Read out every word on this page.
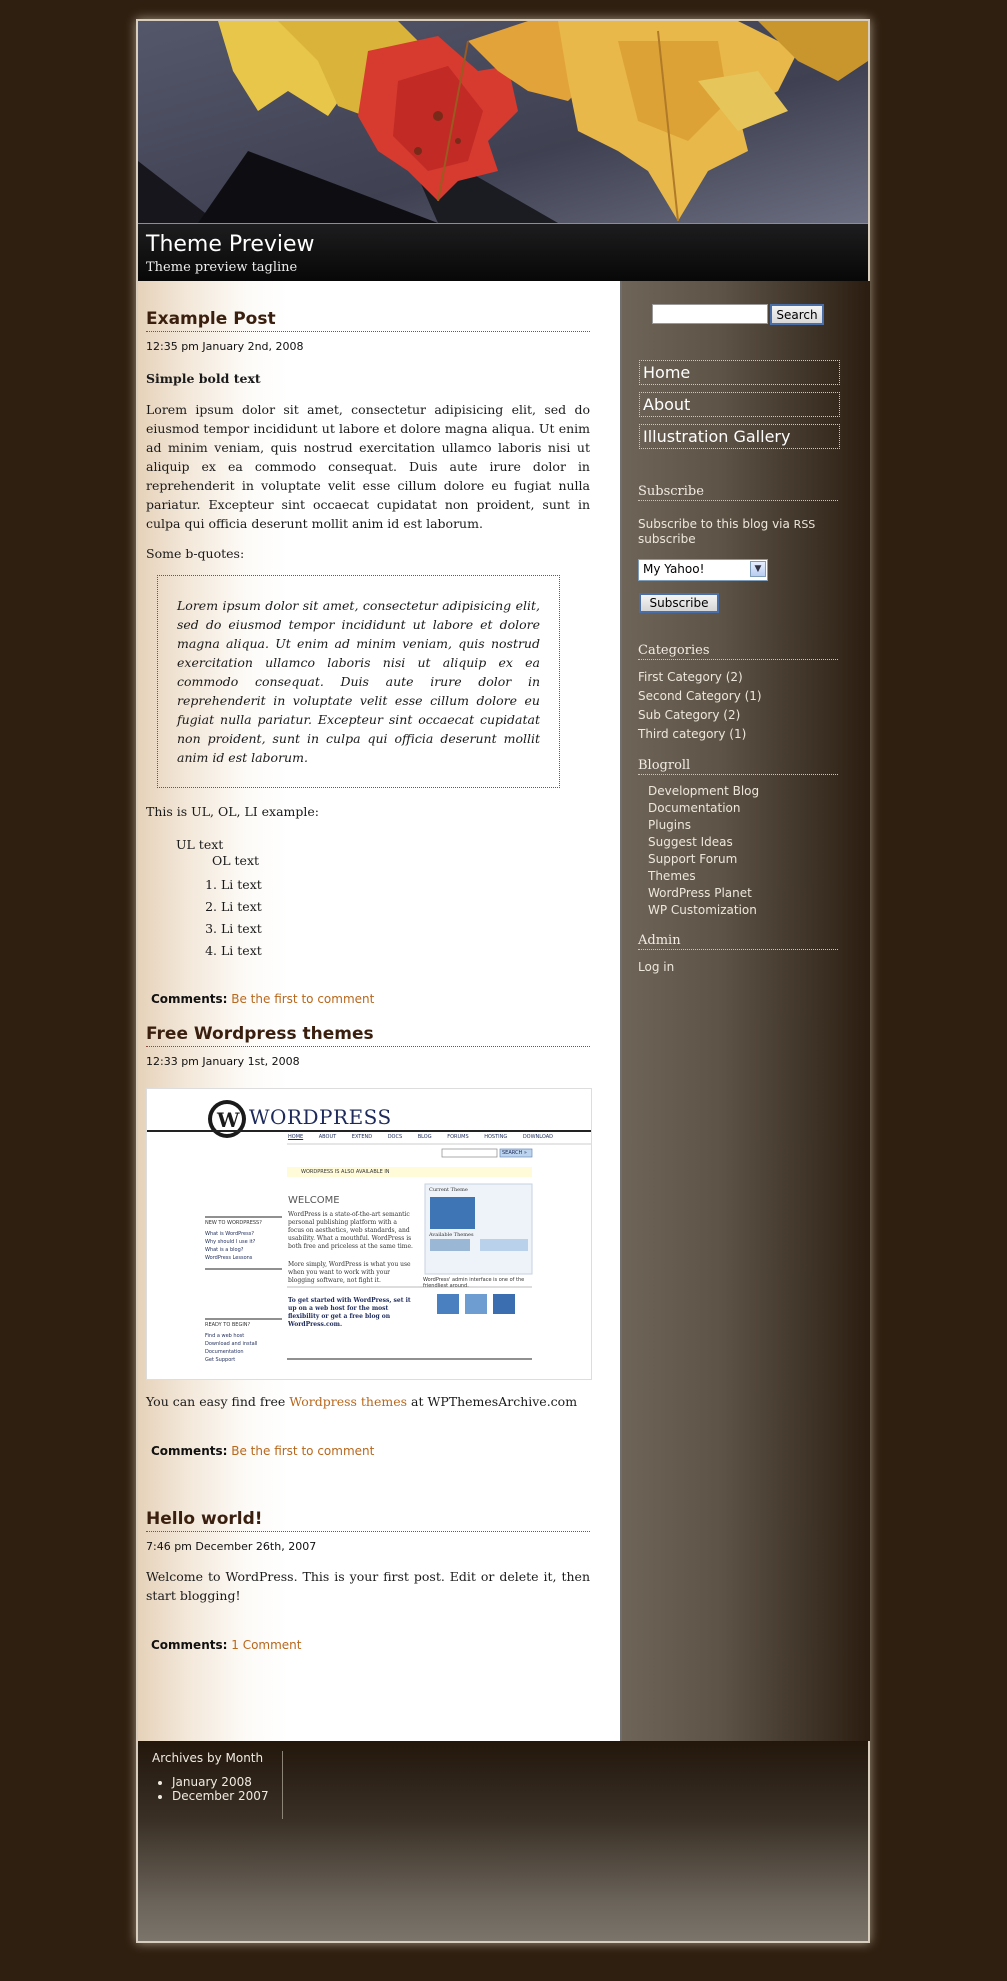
Theme Preview
Theme preview tagline
Example Post
12:35 pm January 2nd, 2008

Simple bold text

Lorem ipsum dolor sit amet, consectetur adipisicing elit, sed do eiusmod tempor incididunt ut labore et dolore magna aliqua. Ut enim ad minim veniam, quis nostrud exercitation ullamco laboris nisi ut aliquip ex ea commodo consequat. Duis aute irure dolor in reprehenderit in voluptate velit esse cillum dolore eu fugiat nulla pariatur. Excepteur sint occaecat cupidatat non proident, sunt in culpa qui officia deserunt mollit anim id est laborum.

Some b-quotes:

Lorem ipsum dolor sit amet, consectetur adipisicing elit, sed do eiusmod tempor incididunt ut labore et dolore magna aliqua. Ut enim ad minim veniam, quis nostrud exercitation ullamco laboris nisi ut aliquip ex ea commodo consequat. Duis aute irure dolor in reprehenderit in voluptate velit esse cillum dolore eu fugiat nulla pariatur. Excepteur sint occaecat cupidatat non proident, sunt in culpa qui officia deserunt mollit anim id est laborum.

This is UL, OL, LI example:

UL text
OL text
1. Li text
2. Li text
3. Li text
4. Li text
Comments: Be the first to comment
Free Wordpress themes
12:33 pm January 1st, 2008
W WORDPRESS
HOME	ABOUT	EXTEND	DOCS	BLOG	FORUMS	HOSTING	DOWNLOAD
SEARCH »
WORDPRESS IS ALSO AVAILABLE IN
WELCOME
WordPress is a state-of-the-art semantic personal publishing platform with a focus on aesthetics, web standards, and usability. What a mouthful. WordPress is both free and priceless at the same time.
More simply, WordPress is what you use when you want to work with your blogging software, not fight it.
To get started with WordPress, set it up on a web host for the most flexibility or get a free blog on WordPress.com.
NEW TO WORDPRESS?
What is WordPress?
Why should I use it?
What is a blog?
WordPress Lessons
READY TO BEGIN?
Find a web host
Download and install
Documentation
Get Support
Current Theme
Available Themes
WordPress' admin interface is one of the friendliest around.

You can easy find free Wordpress themes at WPThemesArchive.com

Comments: Be the first to comment
Hello world!
7:46 pm December 26th, 2007

Welcome to WordPress. This is your first post. Edit or delete it, then start blogging!

Comments: 1 Comment
Search
Home
About
Illustration Gallery
Subscribe
Subscribe to this blog via RSS
subscribe
My Yahoo!	▼
Subscribe
Categories
First Category (2)
Second Category (1)
Sub Category (2)
Third category (1)
Blogroll
Development Blog
Documentation
Plugins
Suggest Ideas
Support Forum
Themes
WordPress Planet
WP Customization
Admin
Log in
Archives by Month
• January 2008
• December 2007
